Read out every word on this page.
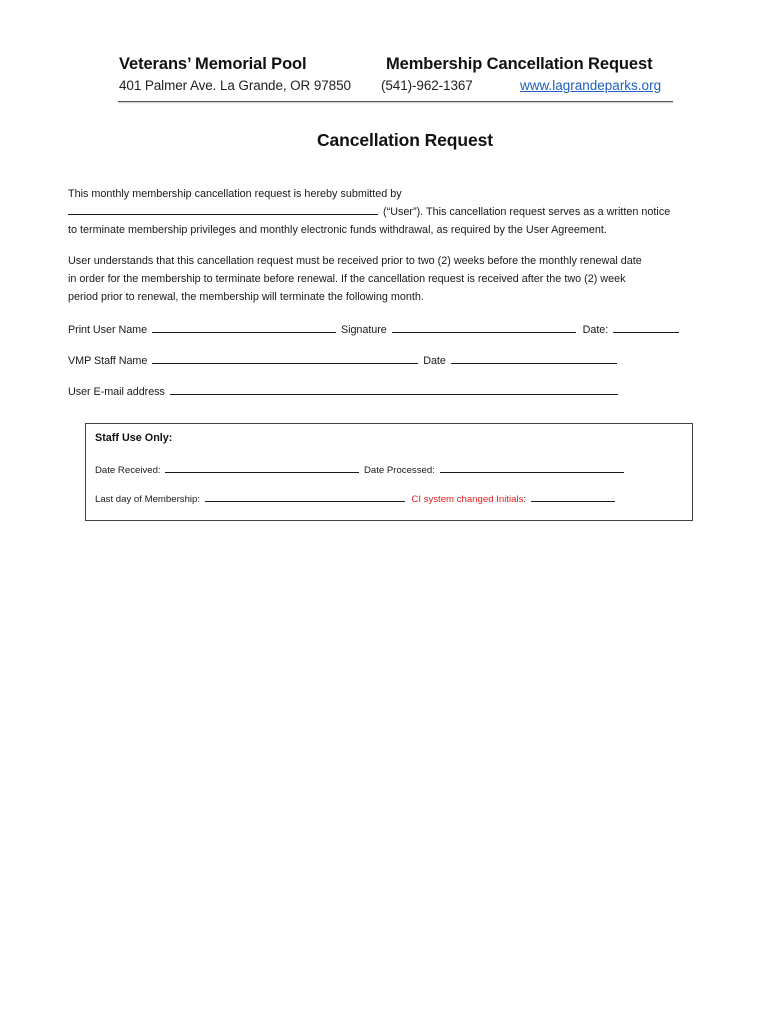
Veterans’ Memorial Pool	Membership Cancellation Request
401 Palmer Ave. La Grande, OR 97850 (541)-962-1367	www.lagrandeparks.org
Cancellation Request
This monthly membership cancellation request is hereby submitted by
(“User”). This cancellation request serves as a written notice
to terminate membership privileges and monthly electronic funds withdrawal, as required by the User Agreement.
User understands that this cancellation request must be received prior to two (2) weeks before the monthly renewal date
in order for the membership to terminate before renewal. If the cancellation request is received after the two (2) week
period prior to renewal, the membership will terminate the following month.
Print User Name	Signature	Date:
VMP Staff Name	Date
User E-mail address
Staff Use Only:
Date Received:	Date Processed:
Last day of Membership:	CI system changed Initials:
